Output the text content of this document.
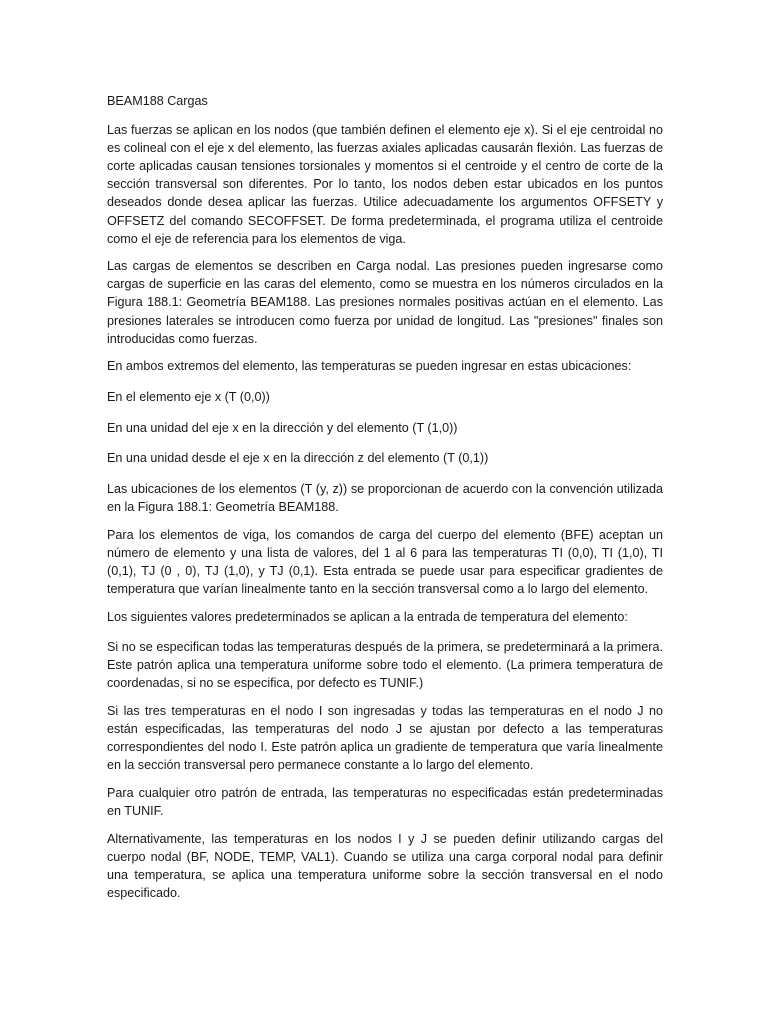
BEAM188 Cargas

Las fuerzas se aplican en los nodos (que también definen el elemento eje x). Si el eje centroidal no es colineal con el eje x del elemento, las fuerzas axiales aplicadas causarán flexión. Las fuerzas de corte aplicadas causan tensiones torsionales y momentos si el centroide y el centro de corte de la sección transversal son diferentes. Por lo tanto, los nodos deben estar ubicados en los puntos deseados donde desea aplicar las fuerzas. Utilice adecuadamente los argumentos OFFSETY y OFFSETZ del comando SECOFFSET. De forma predeterminada, el programa utiliza el centroide como el eje de referencia para los elementos de viga.

Las cargas de elementos se describen en Carga nodal. Las presiones pueden ingresarse como cargas de superficie en las caras del elemento, como se muestra en los números circulados en la Figura 188.1: Geometría BEAM188. Las presiones normales positivas actúan en el elemento. Las presiones laterales se introducen como fuerza por unidad de longitud. Las "presiones" finales son introducidas como fuerzas.

En ambos extremos del elemento, las temperaturas se pueden ingresar en estas ubicaciones:

En el elemento eje x (T (0,0))

En una unidad del eje x en la dirección y del elemento (T (1,0))

En una unidad desde el eje x en la dirección z del elemento (T (0,1))

Las ubicaciones de los elementos (T (y, z)) se proporcionan de acuerdo con la convención utilizada en la Figura 188.1: Geometría BEAM188.

Para los elementos de viga, los comandos de carga del cuerpo del elemento (BFE) aceptan un número de elemento y una lista de valores, del 1 al 6 para las temperaturas TI (0,0), TI (1,0), TI (0,1), TJ (0 , 0), TJ (1,0), y TJ (0,1). Esta entrada se puede usar para especificar gradientes de temperatura que varían linealmente tanto en la sección transversal como a lo largo del elemento.

Los siguientes valores predeterminados se aplican a la entrada de temperatura del elemento:

Si no se especifican todas las temperaturas después de la primera, se predeterminará a la primera. Este patrón aplica una temperatura uniforme sobre todo el elemento. (La primera temperatura de coordenadas, si no se especifica, por defecto es TUNIF.)

Si las tres temperaturas en el nodo I son ingresadas y todas las temperaturas en el nodo J no están especificadas, las temperaturas del nodo J se ajustan por defecto a las temperaturas correspondientes del nodo I. Este patrón aplica un gradiente de temperatura que varía linealmente en la sección transversal pero permanece constante a lo largo del elemento.

Para cualquier otro patrón de entrada, las temperaturas no especificadas están predeterminadas en TUNIF.

Alternativamente, las temperaturas en los nodos I y J se pueden definir utilizando cargas del cuerpo nodal (BF, NODE, TEMP, VAL1). Cuando se utiliza una carga corporal nodal para definir una temperatura, se aplica una temperatura uniforme sobre la sección transversal en el nodo especificado.
